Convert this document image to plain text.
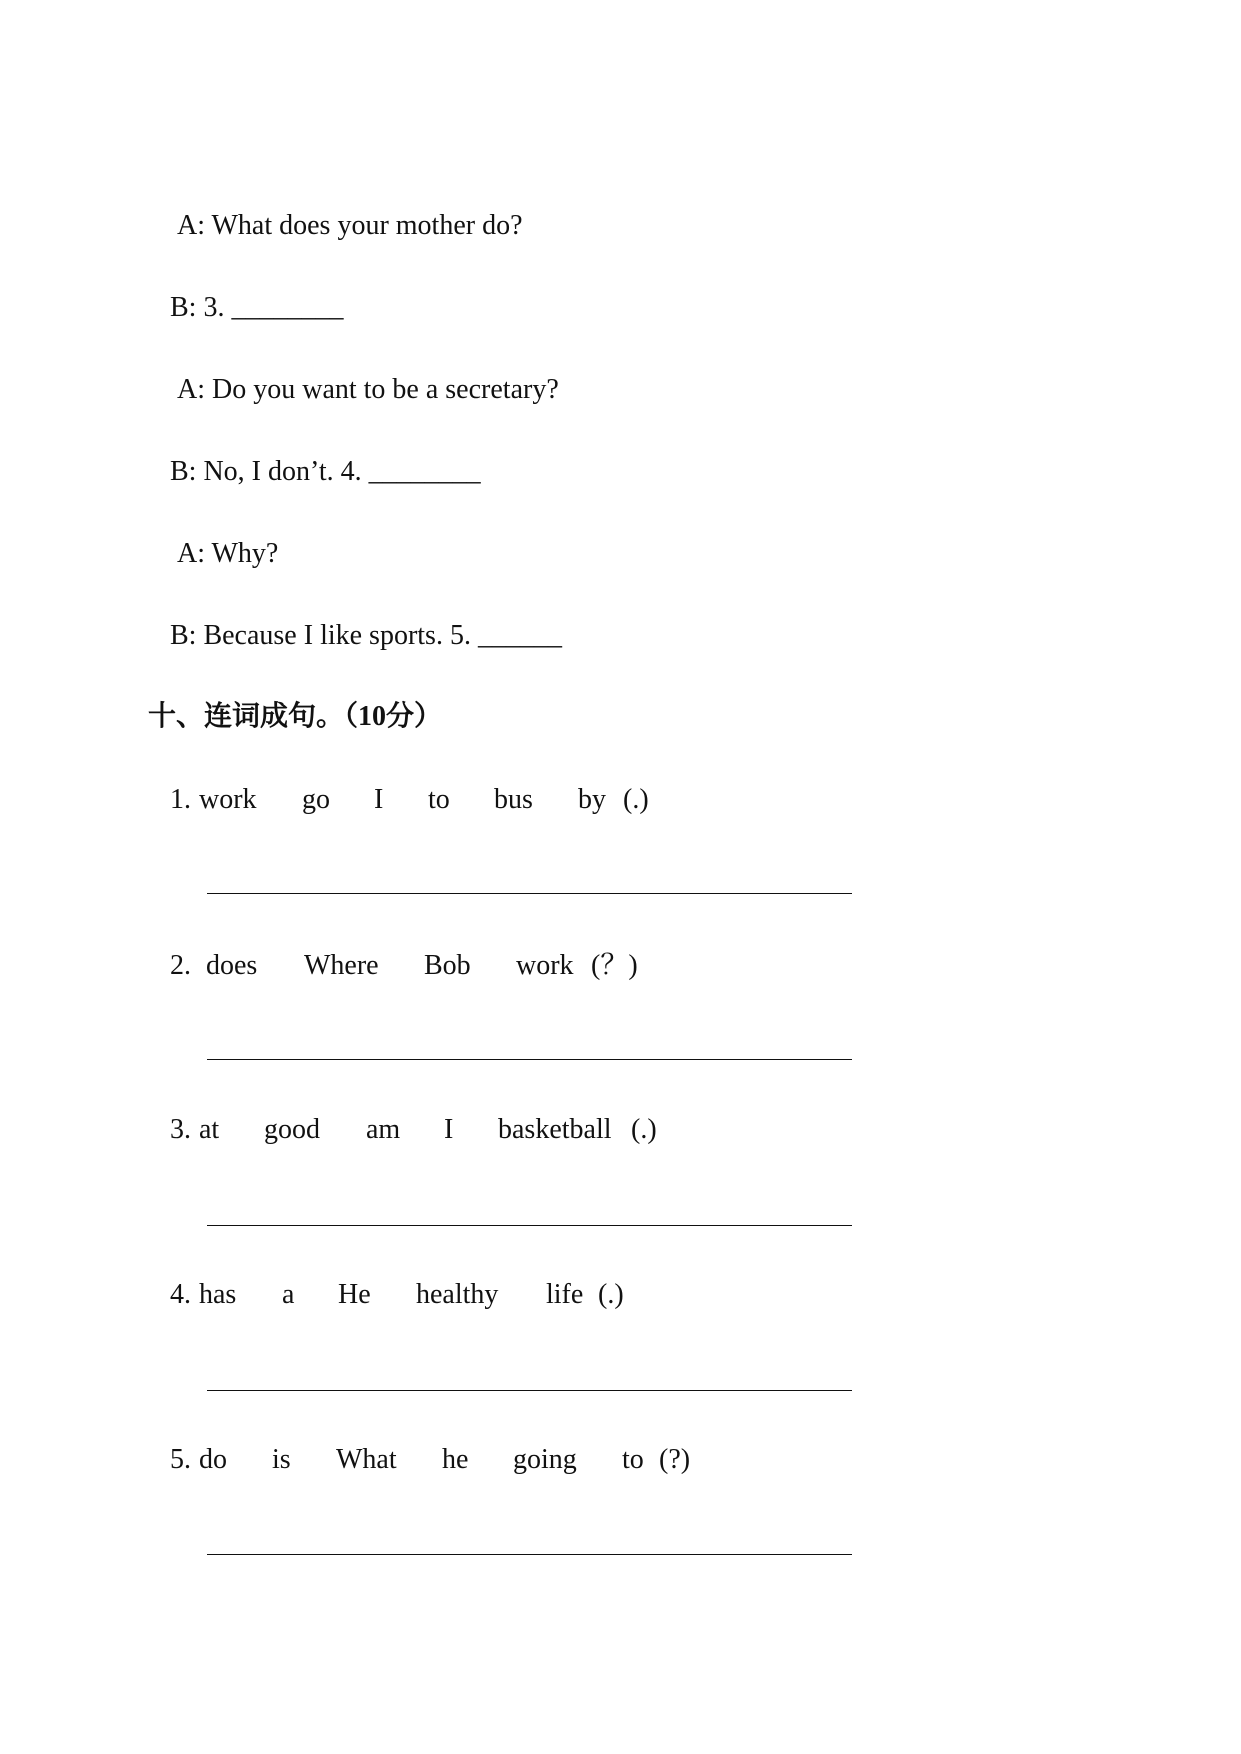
A: What does your mother do?
B: 3. ________
A: Do you want to be a secretary?
B: No, I don’t. 4. ________
A: Why?
B: Because I like sports. 5. ______
十、连词成句。（10分）
1. work go I to bus by (.)
2. does Where Bob work (？)
3. at good am I basketball (.)
4. has a He healthy life (.)
5. do is What he going to (?)
